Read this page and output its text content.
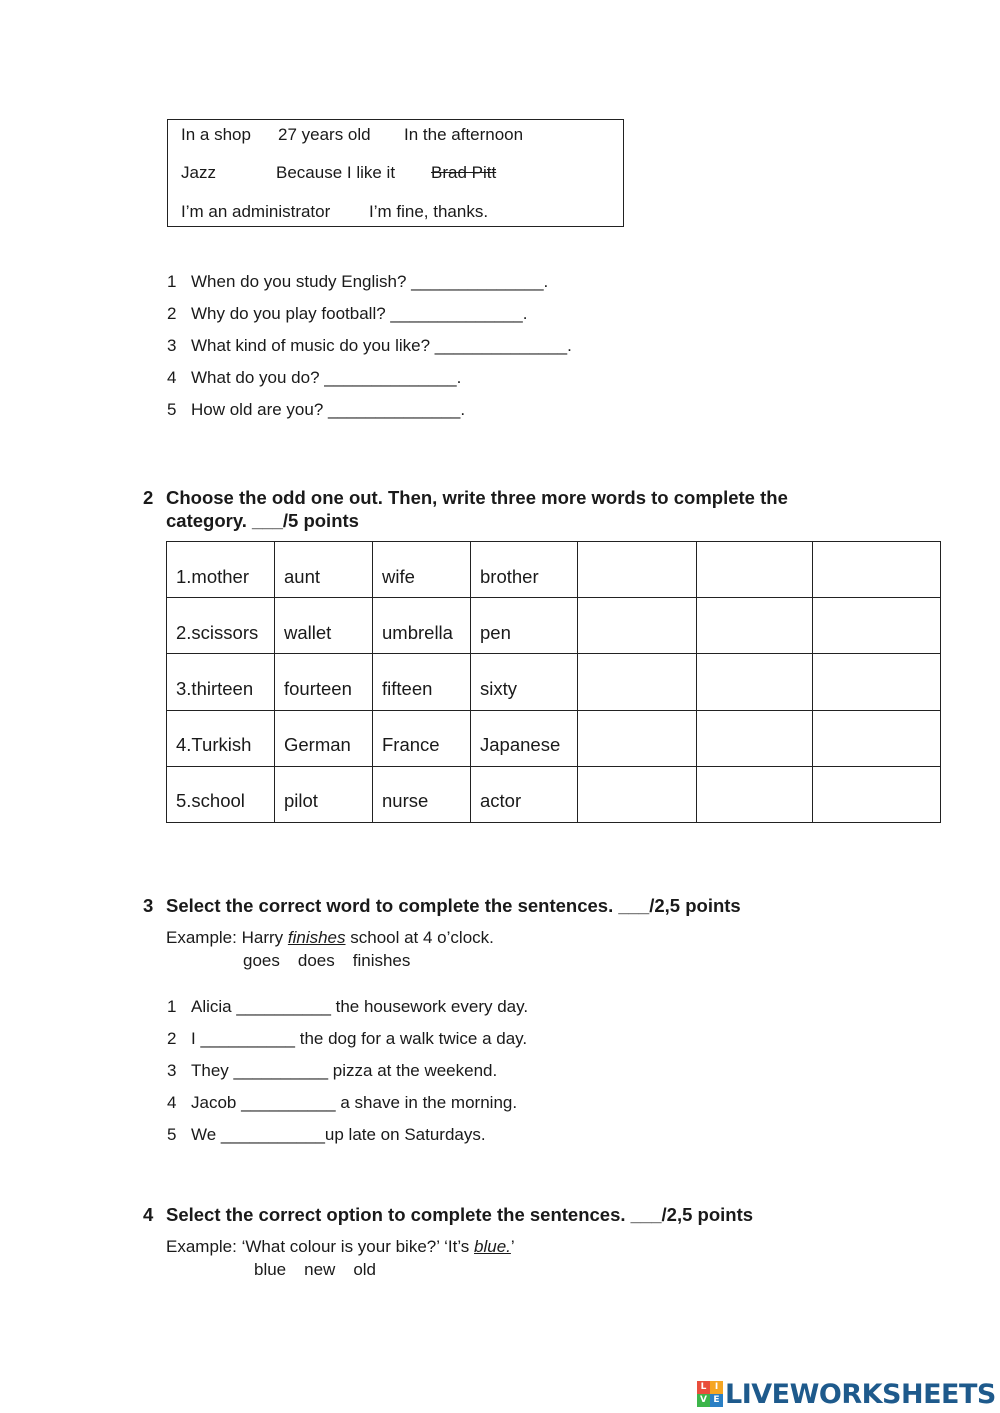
In a shop 27 years old In the afternoon
Jazz	Because I like it Brad Pitt
I’m an administrator I’m fine, thanks.
1 When do you study English? ______________.
2 Why do you play football? ______________.
3 What kind of music do you like? ______________.
4 What do you do? ______________.
5 How old are you? ______________.
2 Choose the odd one out. Then, write three more words to complete the
category. ___/5 points
1.mother	aunt	wife	brother			
2.scissors	wallet	umbrella	pen			
3.thirteen	fourteen	fifteen	sixty			
4.Turkish	German	France	Japanese			
5.school	pilot	nurse	actor			
3 Select the correct word to complete the sentences. ___/2,5 points
Example: Harry finishes school at 4 o’clock.
goes does finishes
1 Alicia __________ the housework every day.
2 I __________ the dog for a walk twice a day.
3 They __________ pizza at the weekend.
4 Jacob __________ a shave in the morning.
5 We ___________up late on Saturdays.
4 Select the correct option to complete the sentences. ___/2,5 points
Example: ‘What colour is your bike?’ ‘It’s blue.’
blue new old
L I
V E LIVEWORKSHEETS
